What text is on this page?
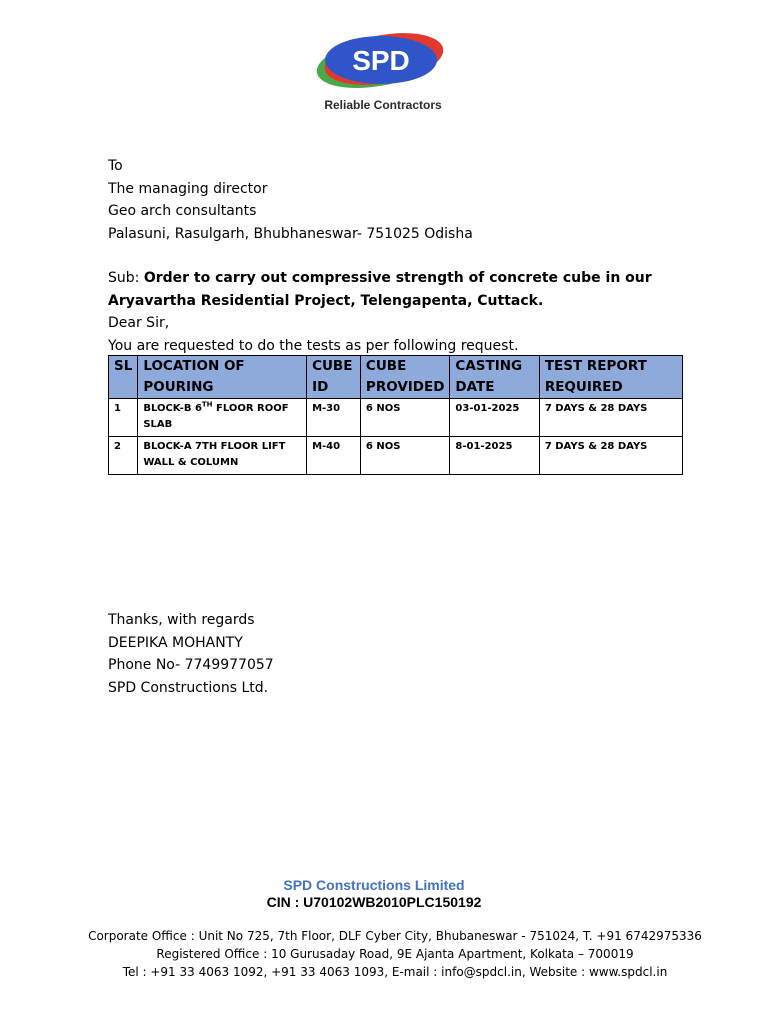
SPD
Reliable Contractors
To
The managing director
Geo arch consultants
Palasuni, Rasulgarh, Bhubhaneswar- 751025 Odisha
Sub: Order to carry out compressive strength of concrete cube in our Aryavartha Residential Project, Telengapenta, Cuttack.
Dear Sir,
You are requested to do the tests as per following request.
SL	LOCATION OF POURING	CUBE ID	CUBE PROVIDED	CASTING DATE	TEST REPORT REQUIRED
1	BLOCK-B 6TH FLOOR ROOF SLAB	M-30	6 NOS	03-01-2025	7 DAYS & 28 DAYS
2	BLOCK-A 7TH FLOOR LIFT WALL & COLUMN	M-40	6 NOS	8-01-2025	7 DAYS & 28 DAYS
Thanks, with regards
DEEPIKA MOHANTY
Phone No- 7749977057
SPD Constructions Ltd.
SPD Constructions Limited
CIN : U70102WB2010PLC150192
Corporate Office : Unit No 725, 7th Floor, DLF Cyber City, Bhubaneswar - 751024, T. +91 6742975336
Registered Office : 10 Gurusaday Road, 9E Ajanta Apartment, Kolkata – 700019
Tel : +91 33 4063 1092, +91 33 4063 1093, E-mail : info@spdcl.in, Website : www.spdcl.in
